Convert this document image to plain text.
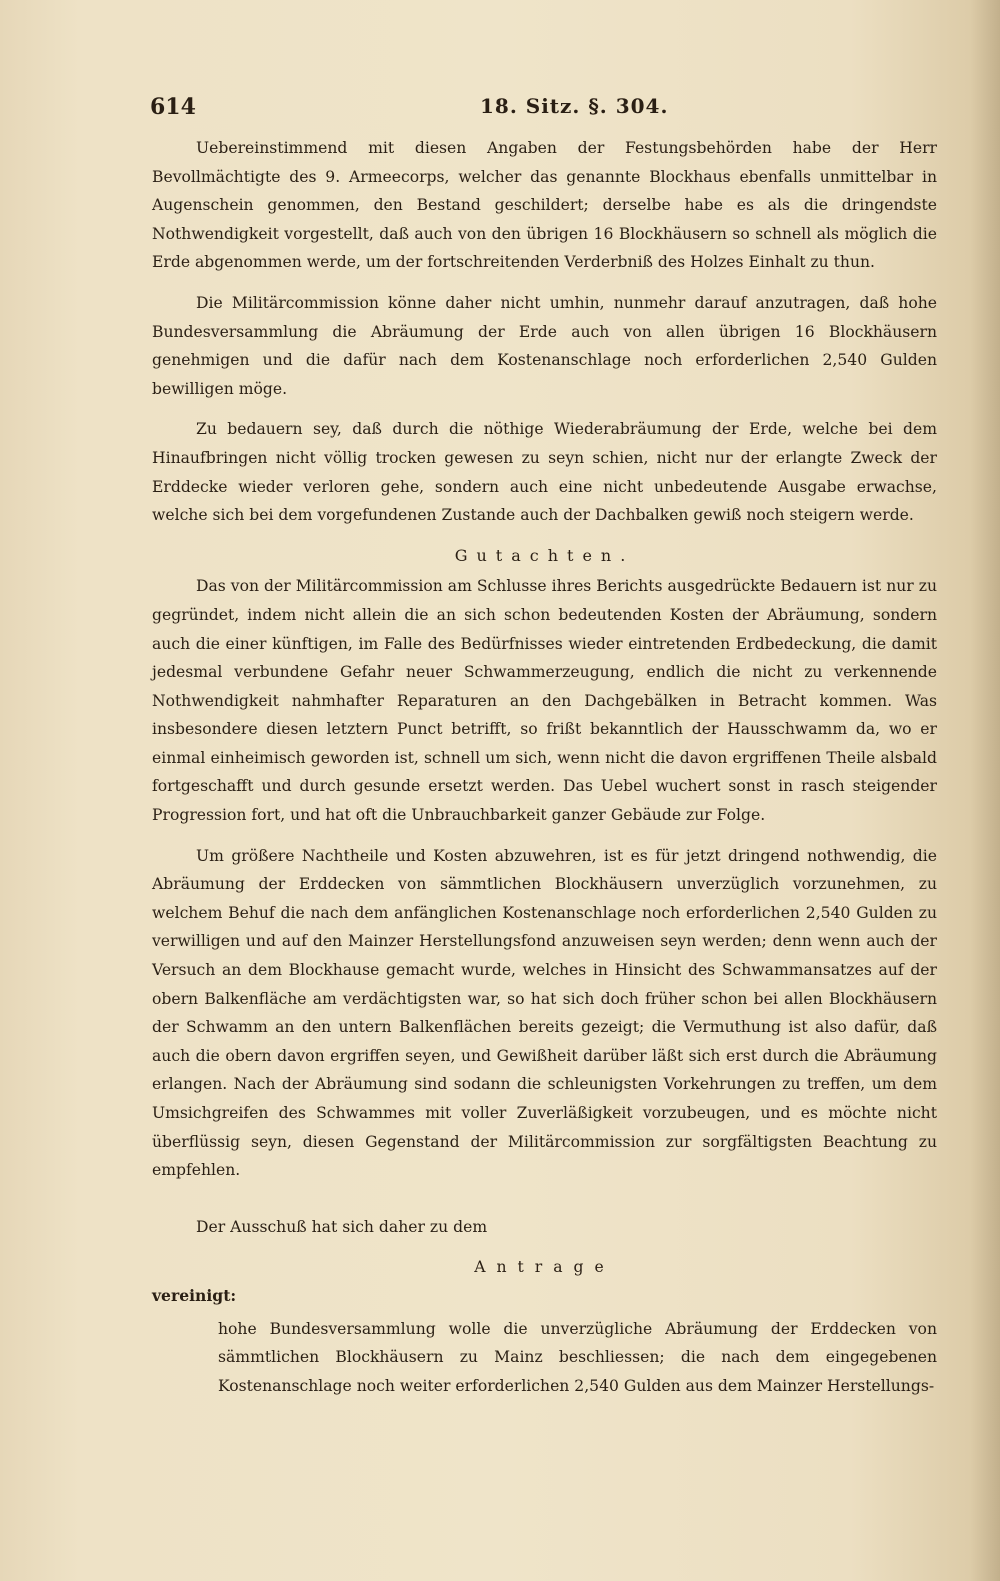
614	18. Sitz. §. 304.

Uebereinstimmend mit diesen Angaben der Festungsbehörden habe der Herr Bevollmächtigte des 9. Armeecorps, welcher das genannte Blockhaus ebenfalls unmittelbar in Augenschein genommen, den Bestand geschildert; derselbe habe es als die dringendste Nothwendigkeit vorgestellt, daß auch von den übrigen 16 Blockhäusern so schnell als möglich die Erde abgenommen werde, um der fortschreitenden Verderbniß des Holzes Einhalt zu thun.

Die Militärcommission könne daher nicht umhin, nunmehr darauf anzutragen, daß hohe Bundesversammlung die Abräumung der Erde auch von allen übrigen 16 Blockhäusern genehmigen und die dafür nach dem Kostenanschlage noch erforderlichen 2,540 Gulden bewilligen möge.

Zu bedauern sey, daß durch die nöthige Wiederabräumung der Erde, welche bei dem Hinaufbringen nicht völlig trocken gewesen zu seyn schien, nicht nur der erlangte Zweck der Erddecke wieder verloren gehe, sondern auch eine nicht unbedeutende Ausgabe erwachse, welche sich bei dem vorgefundenen Zustande auch der Dachbalken gewiß noch steigern werde.

Gutachten.

Das von der Militärcommission am Schlusse ihres Berichts ausgedrückte Bedauern ist nur zu gegründet, indem nicht allein die an sich schon bedeutenden Kosten der Abräumung, sondern auch die einer künftigen, im Falle des Bedürfnisses wieder eintretenden Erdbedeckung, die damit jedesmal verbundene Gefahr neuer Schwammerzeugung, endlich die nicht zu verkennende Nothwendigkeit nahmhafter Reparaturen an den Dachgebälken in Betracht kommen. Was insbesondere diesen letztern Punct betrifft, so frißt bekanntlich der Hausschwamm da, wo er einmal einheimisch geworden ist, schnell um sich, wenn nicht die davon ergriffenen Theile alsbald fortgeschafft und durch gesunde ersetzt werden. Das Uebel wuchert sonst in rasch steigender Progression fort, und hat oft die Unbrauchbarkeit ganzer Gebäude zur Folge.

Um größere Nachtheile und Kosten abzuwehren, ist es für jetzt dringend nothwendig, die Abräumung der Erddecken von sämmtlichen Blockhäusern unverzüglich vorzunehmen, zu welchem Behuf die nach dem anfänglichen Kostenanschlage noch erforderlichen 2,540 Gulden zu verwilligen und auf den Mainzer Herstellungsfond anzuweisen seyn werden; denn wenn auch der Versuch an dem Blockhause gemacht wurde, welches in Hinsicht des Schwammansatzes auf der obern Balkenfläche am verdächtigsten war, so hat sich doch früher schon bei allen Blockhäusern der Schwamm an den untern Balkenflächen bereits gezeigt; die Vermuthung ist also dafür, daß auch die obern davon ergriffen seyen, und Gewißheit darüber läßt sich erst durch die Abräumung erlangen. Nach der Abräumung sind sodann die schleunigsten Vorkehrungen zu treffen, um dem Umsichgreifen des Schwammes mit voller Zuverläßigkeit vorzubeugen, und es möchte nicht überflüssig seyn, diesen Gegenstand der Militärcommission zur sorgfältigsten Beachtung zu empfehlen.

Der Ausschuß hat sich daher zu dem

Antrage

vereinigt:

hohe Bundesversammlung wolle die unverzügliche Abräumung der Erddecken von sämmtlichen Blockhäusern zu Mainz beschliessen; die nach dem eingegebenen Kostenanschlage noch weiter erforderlichen 2,540 Gulden aus dem Mainzer Herstellungs-
